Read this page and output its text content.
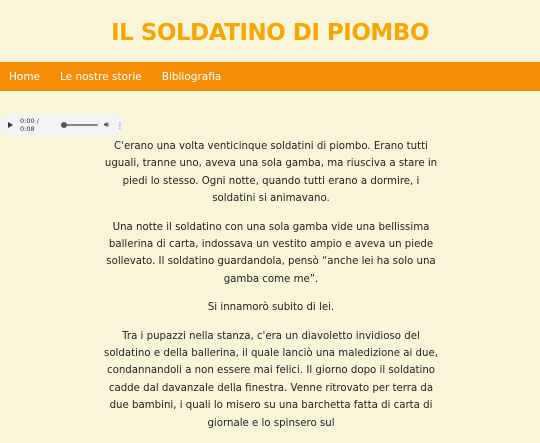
IL SOLDATINO DI PIOMBO
Home Le nostre storie Bibliografia
0:00 / 0:08	🔊︎ ⋮

C'erano una volta venticinque soldatini di piombo. Erano tutti uguali, tranne uno, aveva una sola gamba, ma riusciva a stare in piedi lo stesso. Ogni notte, quando tutti erano a dormire, i soldatini si animavano.

Una notte il soldatino con una sola gamba vide una bellissima ballerina di carta, indossava un vestito ampio e aveva un piede sollevato. Il soldatino guardandola, pensò “anche lei ha solo una gamba come me”.

Si innamorò subito di lei.

Tra i pupazzi nella stanza, c'era un diavoletto invidioso del soldatino e della ballerina, il quale lanciò una maledizione ai due, condannandoli a non essere mai felici. Il giorno dopo il soldatino cadde dal davanzale della finestra. Venne ritrovato per terra da due bambini, i quali lo misero su una barchetta fatta di carta di giornale e lo spinsero sul
